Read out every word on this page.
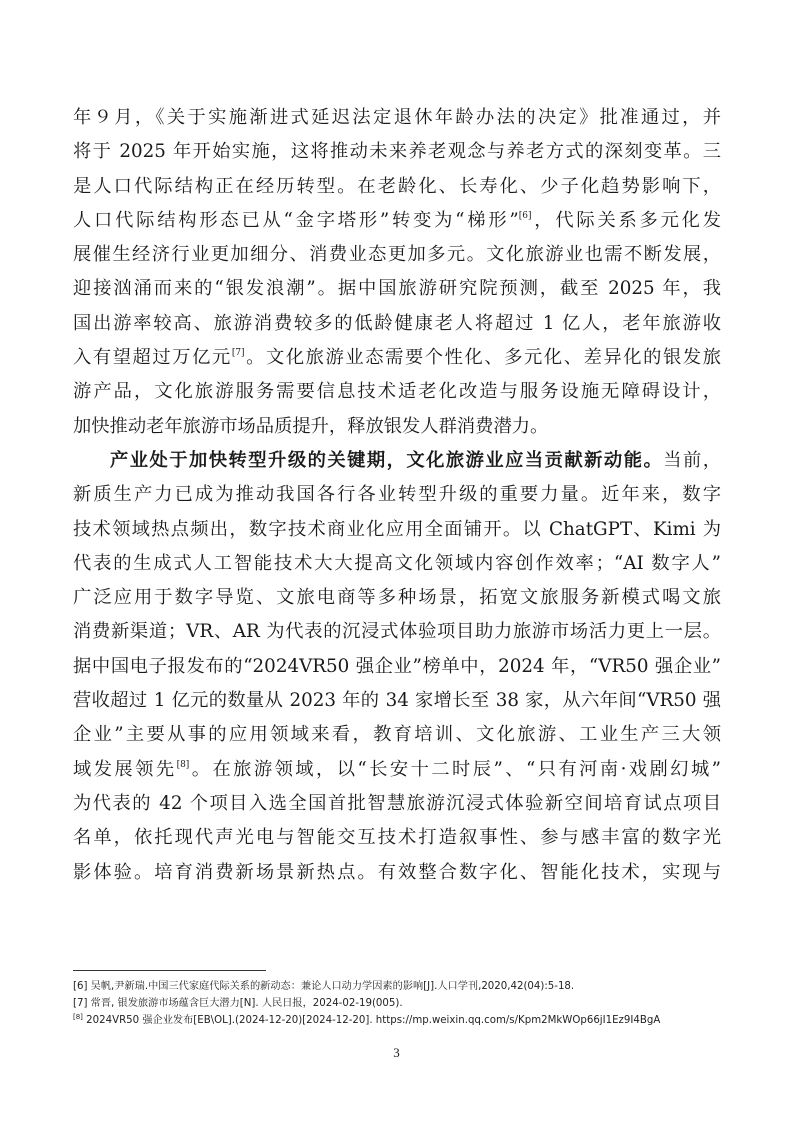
年９月，《关于实施渐进式延迟法定退休年龄办法的决定》批准通过，并
将于 2025 年开始实施，这将推动未来养老观念与养老方式的深刻变革。三
是人口代际结构正在经历转型。在老龄化、长寿化、少子化趋势影响下，
人口代际结构形态已从“金字塔形”转变为“梯形”[6]，代际关系多元化发
展催生经济行业更加细分、消费业态更加多元。文化旅游业也需不断发展，
迎接汹涌而来的“银发浪潮”。据中国旅游研究院预测，截至 2025 年，我
国出游率较高、旅游消费较多的低龄健康老人将超过 1 亿人，老年旅游收
入有望超过万亿元[7]。文化旅游业态需要个性化、多元化、差异化的银发旅
游产品，文化旅游服务需要信息技术适老化改造与服务设施无障碍设计，
加快推动老年旅游市场品质提升，释放银发人群消费潜力。
产业处于加快转型升级的关键期，文化旅游业应当贡献新动能。当前，
新质生产力已成为推动我国各行各业转型升级的重要力量。近年来，数字
技术领域热点频出，数字技术商业化应用全面铺开。以 ChatGPT、Kimi 为
代表的生成式人工智能技术大大提高文化领域内容创作效率；“AI 数字人”
广泛应用于数字导览、文旅电商等多种场景，拓宽文旅服务新模式喝文旅
消费新渠道；VR、AR 为代表的沉浸式体验项目助力旅游市场活力更上一层。
据中国电子报发布的“2024VR50 强企业”榜单中，2024 年，“VR50 强企业”
营收超过 1 亿元的数量从 2023 年的 34 家增长至 38 家，从六年间“VR50 强
企业”主要从事的应用领域来看，教育培训、文化旅游、工业生产三大领
域发展领先[8]。在旅游领域，以“长安十二时辰”、“只有河南·戏剧幻城”
为代表的 42 个项目入选全国首批智慧旅游沉浸式体验新空间培育试点项目
名单，依托现代声光电与智能交互技术打造叙事性、参与感丰富的数字光
影体验。培育消费新场景新热点。有效整合数字化、智能化技术，实现与
[6] 吴帆,尹新瑞.中国三代家庭代际关系的新动态：兼论人口动力学因素的影响[J].人口学刊,2020,42(04):5-18.
[7] 常晋, 银发旅游市场蕴含巨大潜力[N]. 人民日报，2024-02-19(005).
[8] 2024VR50 强企业发布[EB\OL].(2024-12-20)[2024-12-20]. https://mp.weixin.qq.com/s/Kpm2MkWOp66jI1Ez9I4BgA
3
